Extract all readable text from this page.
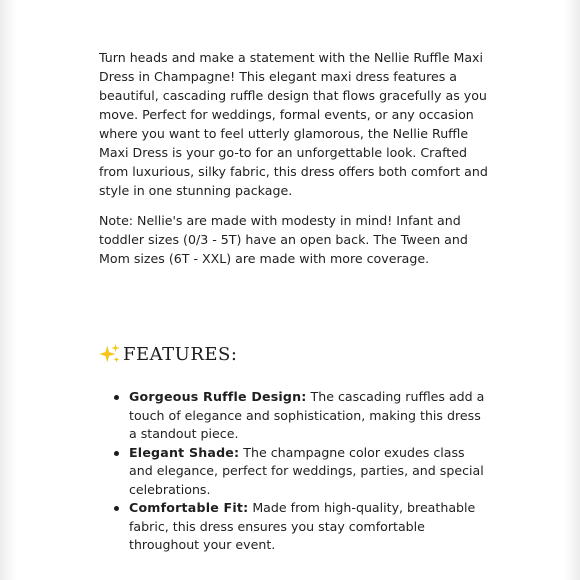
Turn heads and make a statement with the Nellie Ruffle Maxi Dress in Champagne! This elegant maxi dress features a beautiful, cascading ruffle design that flows gracefully as you move. Perfect for weddings, formal events, or any occasion where you want to feel utterly glamorous, the Nellie Ruffle Maxi Dress is your go-to for an unforgettable look. Crafted from luxurious, silky fabric, this dress offers both comfort and style in one stunning package.

Note: Nellie's are made with modesty in mind! Infant and toddler sizes (0/3 - 5T) have an open back. The Tween and Mom sizes (6T - XXL) are made with more coverage.

FEATURES:
Gorgeous Ruffle Design: The cascading ruffles add a touch of elegance and sophistication, making this dress a standout piece.
Elegant Shade: The champagne color exudes class and elegance, perfect for weddings, parties, and special celebrations.
Comfortable Fit: Made from high-quality, breathable fabric, this dress ensures you stay comfortable throughout your event.
